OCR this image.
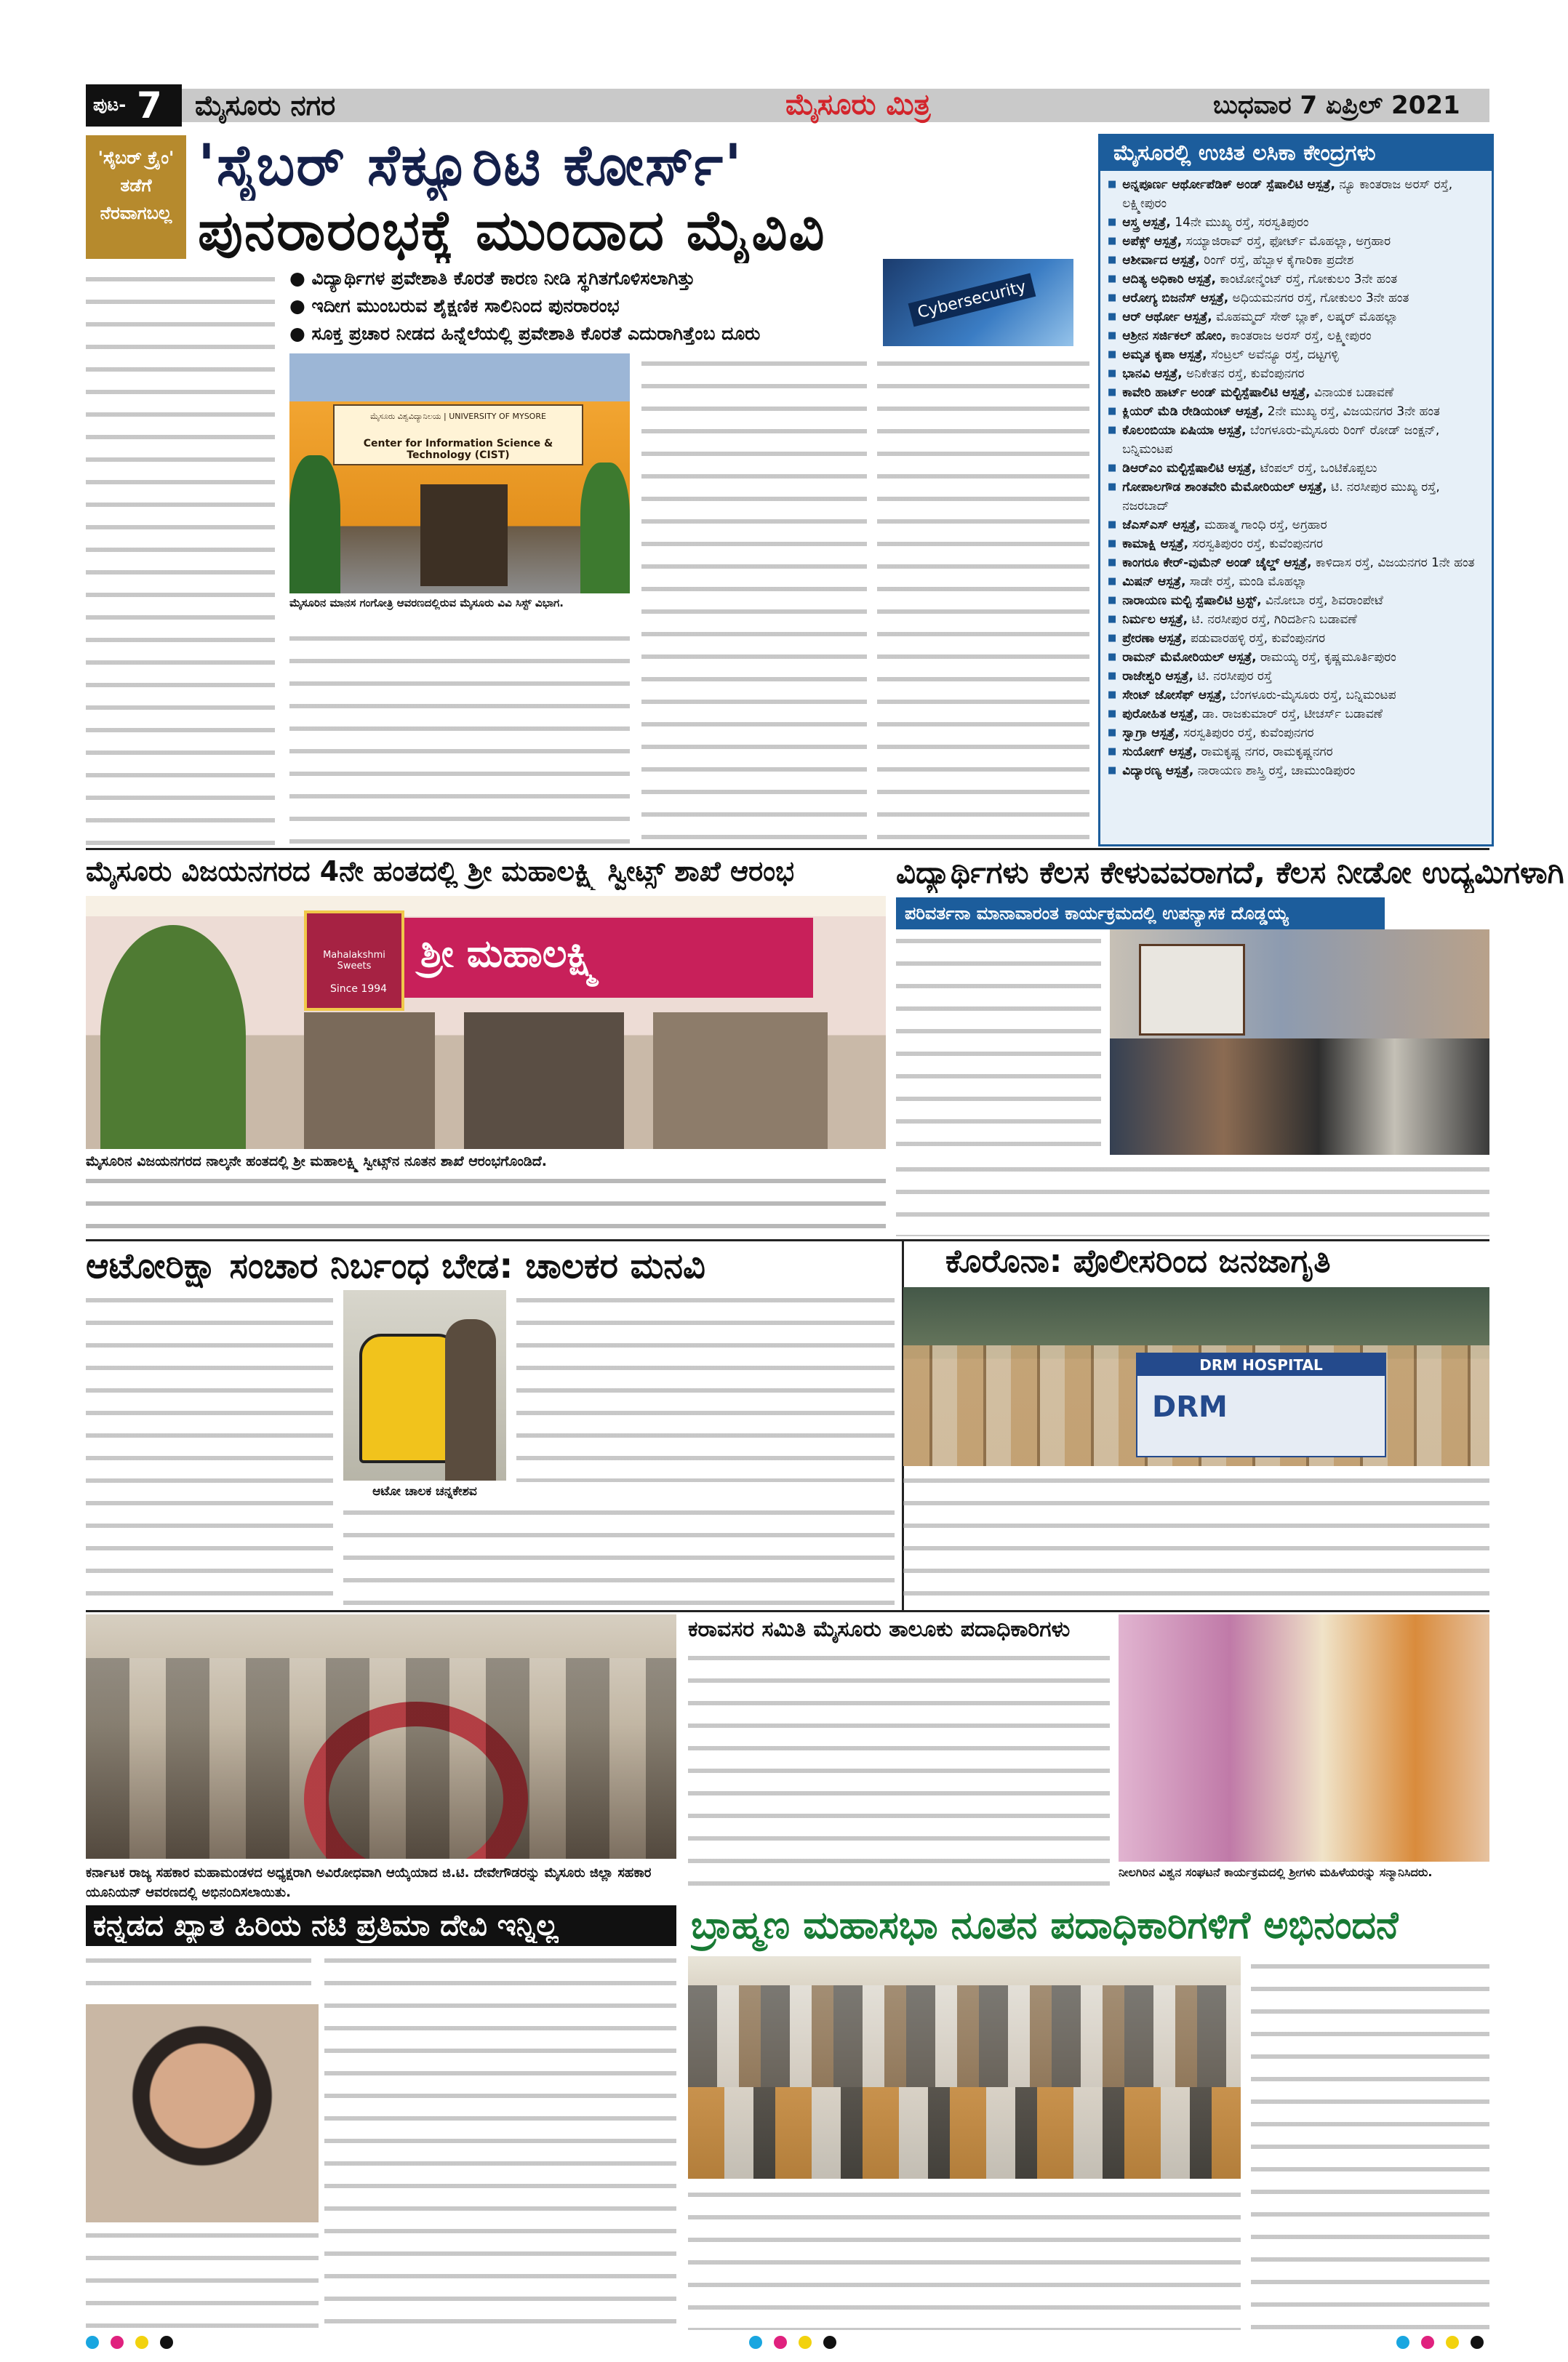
ಪುಟ- 7 ಮೈಸೂರು ನಗರ	ಮೈಸೂರು ಮಿತ್ರ	ಬುಧವಾರ 7 ಏಪ್ರಿಲ್ 2021
'ಸೈಬರ್ ಕ್ರೈಂ' ತಡೆಗೆ ನೆರವಾಗಬಲ್ಲ
'ಸೈಬರ್ ಸೆಕ್ಯೂರಿಟಿ ಕೋರ್ಸ್'
ಪುನರಾರಂಭಕ್ಕೆ ಮುಂದಾದ ಮೈವಿವಿ
● ವಿದ್ಯಾರ್ಥಿಗಳ ಪ್ರವೇಶಾತಿ ಕೊರತೆ ಕಾರಣ ನೀಡಿ ಸ್ಥಗಿತಗೊಳಿಸಲಾಗಿತ್ತು
● ಇದೀಗ ಮುಂಬರುವ ಶೈಕ್ಷಣಿಕ ಸಾಲಿನಿಂದ ಪುನರಾರಂಭ
● ಸೂಕ್ತ ಪ್ರಚಾರ ನೀಡದ ಹಿನ್ನೆಲೆಯಲ್ಲಿ ಪ್ರವೇಶಾತಿ ಕೊರತೆ ಎದುರಾಗಿತ್ತೆಂಬ ದೂರು
Cybersecurity
ಮೈಸೂರು ವಿಶ್ವವಿದ್ಯಾನಿಲಯ | UNIVERSITY OF MYSORE
Center for Information Science & Technology (CIST)
ಮೈಸೂರಿನ ಮಾನಸ ಗಂಗೋತ್ರಿ ಆವರಣದಲ್ಲಿರುವ ಮೈಸೂರು ವಿವಿ ಸಿಸ್ಟ್ ವಿಭಾಗ.
ಮೈಸೂರಲ್ಲಿ ಉಚಿತ ಲಸಿಕಾ ಕೇಂದ್ರಗಳು
■ ಅನ್ನಪೂರ್ಣ ಆರ್ಥೋಪೆಡಿಕ್ ಅಂಡ್ ಸ್ಪೆಷಾಲಿಟಿ ಆಸ್ಪತ್ರೆ, ನ್ಯೂ ಕಾಂತರಾಜ ಅರಸ್ ರಸ್ತೆ, ಲಕ್ಷ್ಮೀಪುರಂ
■ ಆಸ್ತ್ರ ಆಸ್ಪತ್ರೆ, 14ನೇ ಮುಖ್ಯ ರಸ್ತೆ, ಸರಸ್ವತಿಪುರಂ
■ ಅಪೆಕ್ಸ್ ಆಸ್ಪತ್ರೆ, ಸಯ್ಯಾಜಿರಾವ್ ರಸ್ತೆ, ಫೋರ್ಟ್ ಮೊಹಲ್ಲಾ, ಅಗ್ರಹಾರ
■ ಆಶೀರ್ವಾದ ಆಸ್ಪತ್ರೆ, ರಿಂಗ್ ರಸ್ತೆ, ಹೆಬ್ಬಾಳ ಕೈಗಾರಿಕಾ ಪ್ರದೇಶ
■ ಆದಿತ್ಯ ಅಧಿಕಾರಿ ಆಸ್ಪತ್ರೆ, ಕಾಂಟೋನ್ಮೆಂಟ್ ರಸ್ತೆ, ಗೋಕುಲಂ 3ನೇ ಹಂತ
■ ಆರೋಗ್ಯ ಬಿಜನೆಸ್ ಆಸ್ಪತ್ರೆ, ಅಧಿಯಮನಗರ ರಸ್ತೆ, ಗೋಕುಲಂ 3ನೇ ಹಂತ
■ ಆರ್ ಆರ್ಥೋ ಆಸ್ಪತ್ರೆ, ಮೊಹಮ್ಮದ್ ಸೇಠ್ ಬ್ಲಾಕ್, ಲಷ್ಕರ್ ಮೊಹಲ್ಲಾ
■ ಆಶ್ರೀನ ಸರ್ಜಿಕಲ್ ಹೋಂ, ಕಾಂತರಾಜ ಅರಸ್ ರಸ್ತೆ, ಲಕ್ಷ್ಮೀಪುರಂ
■ ಅಮೃತ ಕೃಪಾ ಆಸ್ಪತ್ರೆ, ಸೆಂಟ್ರಲ್ ಅವೆನ್ಯೂ ರಸ್ತೆ, ದಟ್ಟಗಳ್ಳಿ
■ ಭಾನವಿ ಆಸ್ಪತ್ರೆ, ಅನಿಕೇತನ ರಸ್ತೆ, ಕುವೆಂಪುನಗರ
■ ಕಾವೇರಿ ಹಾರ್ಟ್ ಅಂಡ್ ಮಲ್ಟಿಸ್ಪೆಷಾಲಿಟಿ ಆಸ್ಪತ್ರೆ, ವಿನಾಯಕ ಬಡಾವಣೆ
■ ಕ್ಲಿಯರ್ ಮೆಡಿ ರೇಡಿಯಂಟ್ ಆಸ್ಪತ್ರೆ, 2ನೇ ಮುಖ್ಯ ರಸ್ತೆ, ವಿಜಯನಗರ 3ನೇ ಹಂತ
■ ಕೊಲಂಬಿಯಾ ಏಷಿಯಾ ಆಸ್ಪತ್ರೆ, ಬೆಂಗಳೂರು-ಮೈಸೂರು ರಿಂಗ್ ರೋಡ್ ಜಂಕ್ಷನ್, ಬನ್ನಿಮಂಟಪ
■ ಡಿಆರ್‌ಎಂ ಮಲ್ಟಿಸ್ಪೆಷಾಲಿಟಿ ಆಸ್ಪತ್ರೆ, ಟೆಂಪಲ್ ರಸ್ತೆ, ಒಂಟಿಕೊಪ್ಪಲು
■ ಗೋಪಾಲಗೌಡ ಶಾಂತವೇರಿ ಮೆಮೋರಿಯಲ್ ಆಸ್ಪತ್ರೆ, ಟಿ. ನರಸೀಪುರ ಮುಖ್ಯ ರಸ್ತೆ, ನಜರಬಾದ್
■ ಜೆಎಸ್‌ಎಸ್ ಆಸ್ಪತ್ರೆ, ಮಹಾತ್ಮ ಗಾಂಧಿ ರಸ್ತೆ, ಅಗ್ರಹಾರ
■ ಕಾಮಾಕ್ಷಿ ಆಸ್ಪತ್ರೆ, ಸರಸ್ವತಿಪುರಂ ರಸ್ತೆ, ಕುವೆಂಪುನಗರ
■ ಕಾಂಗರೂ ಕೇರ್-ವುಮೆನ್ ಅಂಡ್ ಚೈಲ್ಡ್ ಆಸ್ಪತ್ರೆ, ಕಾಳಿದಾಸ ರಸ್ತೆ, ವಿಜಯನಗರ 1ನೇ ಹಂತ
■ ಮಿಷನ್ ಆಸ್ಪತ್ರೆ, ಸಾಡೇ ರಸ್ತೆ, ಮಂಡಿ ಮೊಹಲ್ಲಾ
■ ನಾರಾಯಣ ಮಲ್ಟಿ ಸ್ಪೆಷಾಲಿಟಿ ಟ್ರಸ್ಟ್, ವಿನೋಬಾ ರಸ್ತೆ, ಶಿವರಾಂಪೇಟೆ
■ ನಿರ್ಮಲ ಆಸ್ಪತ್ರೆ, ಟಿ. ನರಸೀಪುರ ರಸ್ತೆ, ಗಿರಿದರ್ಶಿನಿ ಬಡಾವಣೆ
■ ಪ್ರೇರಣಾ ಆಸ್ಪತ್ರೆ, ಪಡುವಾರಹಳ್ಳಿ ರಸ್ತೆ, ಕುವೆಂಪುನಗರ
■ ರಾಮನ್ ಮೆಮೋರಿಯಲ್ ಆಸ್ಪತ್ರೆ, ರಾಮಯ್ಯ ರಸ್ತೆ, ಕೃಷ್ಣಮೂರ್ತಿಪುರಂ
■ ರಾಜೇಶ್ವರಿ ಆಸ್ಪತ್ರೆ, ಟಿ. ನರಸೀಪುರ ರಸ್ತೆ
■ ಸೇಂಟ್ ಜೋಸೆಫ್ ಆಸ್ಪತ್ರೆ, ಬೆಂಗಳೂರು-ಮೈಸೂರು ರಸ್ತೆ, ಬನ್ನಿಮಂಟಪ
■ ಪುರೋಹಿತ ಆಸ್ಪತ್ರೆ, ಡಾ. ರಾಜಕುಮಾರ್ ರಸ್ತೆ, ಟೀಚರ್ಸ್ ಬಡಾವಣೆ
■ ಸ್ವಾಗ್ರಾ ಆಸ್ಪತ್ರೆ, ಸರಸ್ವತಿಪುರಂ ರಸ್ತೆ, ಕುವೆಂಪುನಗರ
■ ಸುಯೋಗ್ ಆಸ್ಪತ್ರೆ, ರಾಮಕೃಷ್ಣ ನಗರ, ರಾಮಕೃಷ್ಣನಗರ
■ ವಿದ್ಯಾರಣ್ಯ ಆಸ್ಪತ್ರೆ, ನಾರಾಯಣ ಶಾಸ್ತ್ರಿ ರಸ್ತೆ, ಚಾಮುಂಡಿಪುರಂ
ಮೈಸೂರು ವಿಜಯನಗರದ 4ನೇ ಹಂತದಲ್ಲಿ ಶ್ರೀ ಮಹಾಲಕ್ಷ್ಮಿ ಸ್ವೀಟ್ಸ್ ಶಾಖೆ ಆರಂಭ
Mahalakshmi Sweets	ಶ್ರೀ ಮಹಾಲಕ್ಷ್ಮಿ
Since 1994
ಮೈಸೂರಿನ ವಿಜಯನಗರದ ನಾಲ್ಕನೇ ಹಂತದಲ್ಲಿ ಶ್ರೀ ಮಹಾಲಕ್ಷ್ಮಿ ಸ್ವೀಟ್ಸ್‌ನ ನೂತನ ಶಾಖೆ ಆರಂಭಗೊಂಡಿದೆ.
ವಿದ್ಯಾರ್ಥಿಗಳು ಕೆಲಸ ಕೇಳುವವರಾಗದೆ, ಕೆಲಸ ನೀಡೋ ಉದ್ಯಮಿಗಳಾಗಿ
ಪರಿವರ್ತನಾ ಮಾನಾವಾರಂತ ಕಾರ್ಯಕ್ರಮದಲ್ಲಿ ಉಪನ್ಯಾಸಕ ದೊಡ್ಡಯ್ಯ
ಆಟೋರಿಕ್ಷಾ ಸಂಚಾರ ನಿರ್ಬಂಧ ಬೇಡ: ಚಾಲಕರ ಮನವಿ
ಆಟೋ ಚಾಲಕ ಚನ್ನಕೇಶವ
ಕೊರೊನಾ: ಪೊಲೀಸರಿಂದ ಜನಜಾಗೃತಿ
DRM HOSPITAL
DRM
ಕರ್ನಾಟಕ ರಾಜ್ಯ ಸಹಕಾರ ಮಹಾಮಂಡಳದ ಅಧ್ಯಕ್ಷರಾಗಿ ಅವಿರೋಧವಾಗಿ ಆಯ್ಕೆಯಾದ ಜಿ.ಟಿ. ದೇವೇಗೌಡರನ್ನು ಮೈಸೂರು ಜಿಲ್ಲಾ ಸಹಕಾರ ಯೂನಿಯನ್ ಆವರಣದಲ್ಲಿ ಅಭಿನಂದಿಸಲಾಯಿತು.
ಕರಾವಸರ ಸಮಿತಿ ಮೈಸೂರು ತಾಲೂಕು ಪದಾಧಿಕಾರಿಗಳು
ನೀಲಗಿರಿನ ವಿಶ್ವನ ಸಂಘಟನೆ ಕಾರ್ಯಕ್ರಮದಲ್ಲಿ ಶ್ರೀಗಳು ಮಹಿಳೆಯರನ್ನು ಸನ್ಮಾನಿಸಿದರು.
ಕನ್ನಡದ ಖ್ಯಾತ ಹಿರಿಯ ನಟಿ ಪ್ರತಿಮಾ ದೇವಿ ಇನ್ನಿಲ್ಲ	ಬ್ರಾಹ್ಮಣ ಮಹಾಸಭಾ ನೂತನ ಪದಾಧಿಕಾರಿಗಳಿಗೆ ಅಭಿನಂದನೆ
